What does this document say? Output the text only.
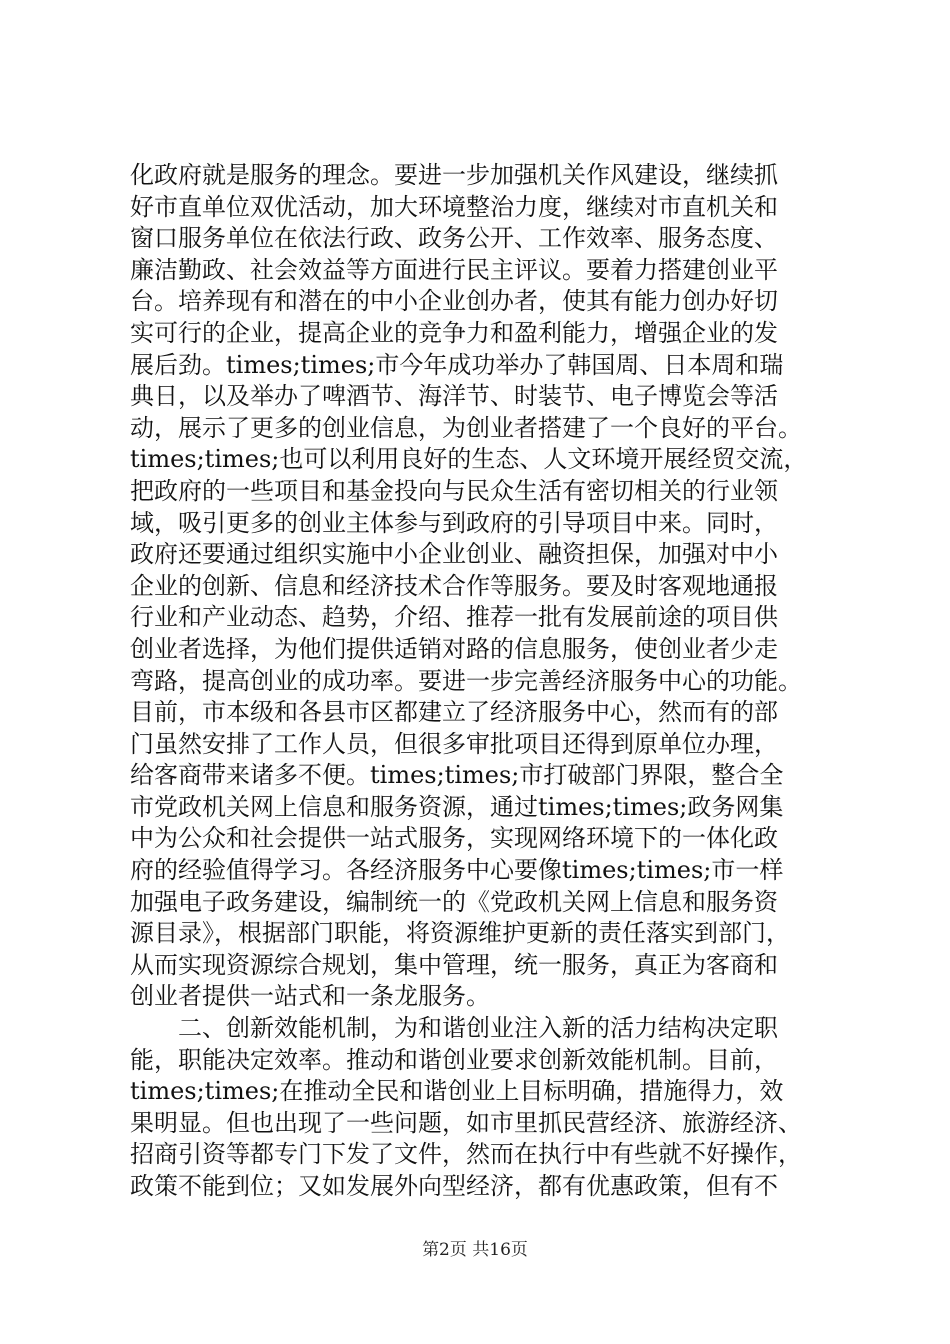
化政府就是服务的理念。要进一步加强机关作风建设，继续抓
好市直单位双优活动，加大环境整治力度，继续对市直机关和
窗口服务单位在依法行政、政务公开、工作效率、服务态度、
廉洁勤政、社会效益等方面进行民主评议。要着力搭建创业平
台。培养现有和潜在的中小企业创办者，使其有能力创办好切
实可行的企业，提高企业的竞争力和盈利能力，增强企业的发
展后劲。times;times;市今年成功举办了韩国周、日本周和瑞
典日，以及举办了啤酒节、海洋节、时装节、电子博览会等活
动，展示了更多的创业信息，为创业者搭建了一个良好的平台。
times;times;也可以利用良好的生态、人文环境开展经贸交流，
把政府的一些项目和基金投向与民众生活有密切相关的行业领
域，吸引更多的创业主体参与到政府的引导项目中来。同时，
政府还要通过组织实施中小企业创业、融资担保，加强对中小
企业的创新、信息和经济技术合作等服务。要及时客观地通报
行业和产业动态、趋势，介绍、推荐一批有发展前途的项目供
创业者选择，为他们提供适销对路的信息服务，使创业者少走
弯路，提高创业的成功率。要进一步完善经济服务中心的功能。
目前，市本级和各县市区都建立了经济服务中心，然而有的部
门虽然安排了工作人员，但很多审批项目还得到原单位办理，
给客商带来诸多不便。times;times;市打破部门界限，整合全
市党政机关网上信息和服务资源，通过times;times;政务网集
中为公众和社会提供一站式服务，实现网络环境下的一体化政
府的经验值得学习。各经济服务中心要像times;times;市一样
加强电子政务建设，编制统一的《党政机关网上信息和服务资
源目录》，根据部门职能，将资源维护更新的责任落实到部门，
从而实现资源综合规划，集中管理，统一服务，真正为客商和
创业者提供一站式和一条龙服务。
二、创新效能机制，为和谐创业注入新的活力结构决定职
能，职能决定效率。推动和谐创业要求创新效能机制。目前，
times;times;在推动全民和谐创业上目标明确，措施得力，效
果明显。但也出现了一些问题，如市里抓民营经济、旅游经济、
招商引资等都专门下发了文件，然而在执行中有些就不好操作，
政策不能到位；又如发展外向型经济，都有优惠政策，但有不
第2页 共16页
